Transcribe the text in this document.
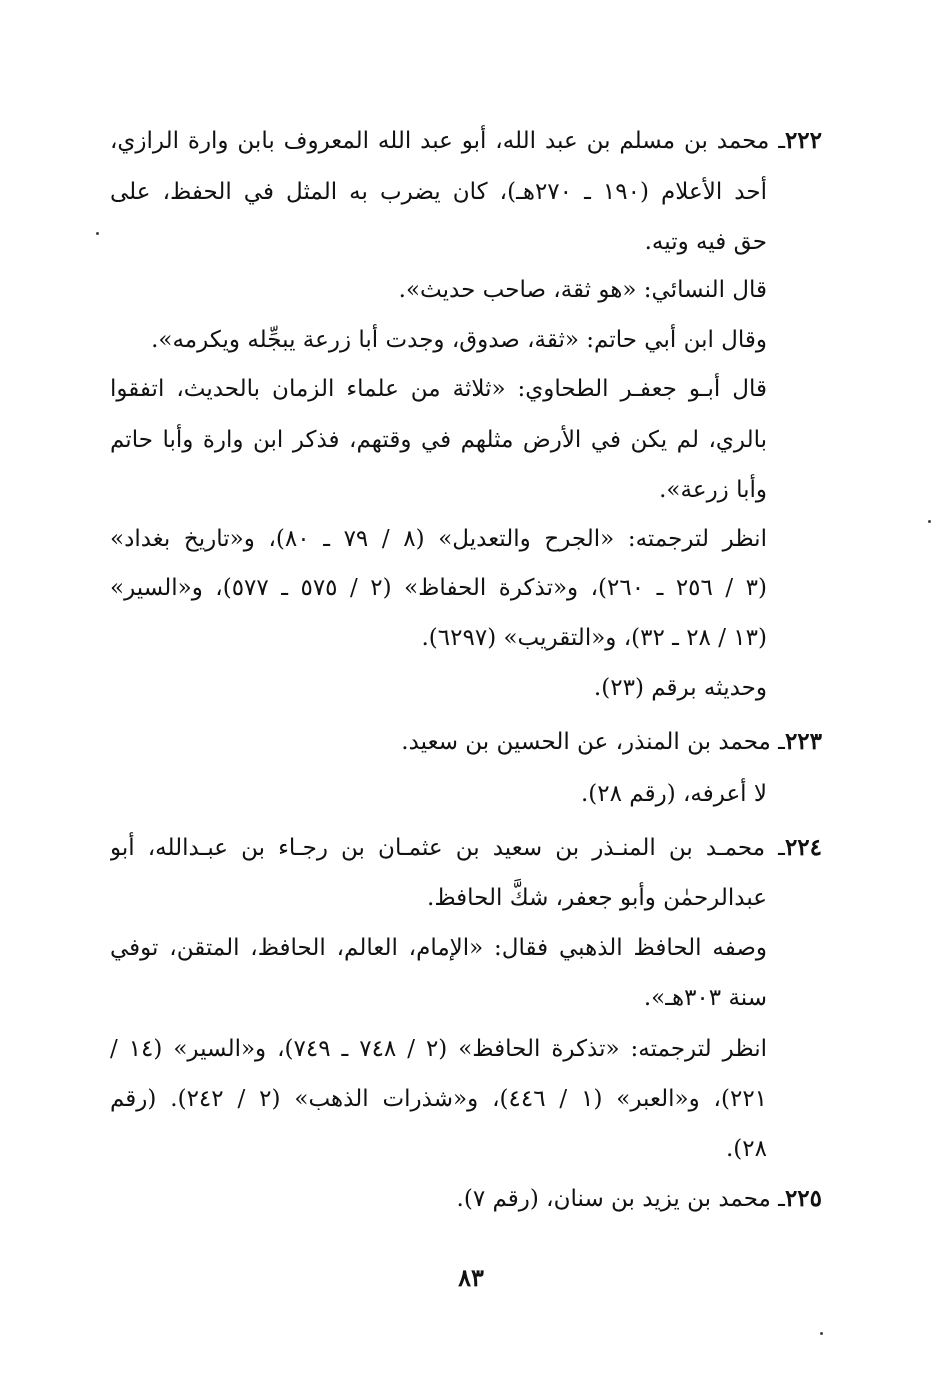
٢٢٢ـ محمد بن مسلم بن عبد الله، أبو عبد الله المعروف بابن وارة الرازي،
أحد الأعلام (١٩٠ ـ ٢٧٠هـ)، كان يضرب به المثل في الحفظ، على
حق فيه وتيه.
قال النسائي: «هو ثقة، صاحب حديث».
وقال ابن أبي حاتم: «ثقة، صدوق، وجدت أبا زرعة يبجِّله ويكرمه».
قال أبـو جعفـر الطحاوي: «ثلاثة من علماء الزمان بالحديث، اتفقوا
بالري، لم يكن في الأرض مثلهم في وقتهم، فذكر ابن وارة وأبا حاتم
وأبا زرعة».
انظر لترجمته: «الجرح والتعديل» (٨ / ٧٩ ـ ٨٠)، و«تاريخ بغداد»
(٣ / ٢٥٦ ـ ٢٦٠)، و«تذكرة الحفاظ» (٢ / ٥٧٥ ـ ٥٧٧)، و«السير»
(١٣ / ٢٨ ـ ٣٢)، و«التقريب» (٦٢٩٧).
وحديثه برقم (٢٣).
٢٢٣ـ محمد بن المنذر، عن الحسين بن سعيد.
لا أعرفه، (رقم ٢٨).
٢٢٤ـ محمـد بن المنـذر بن سعيد بن عثمـان بن رجـاء بن عبـدالله، أبو
عبدالرحمٰن وأبو جعفر، شكَّ الحافظ.
وصفه الحافظ الذهبي فقال: «الإمام، العالم، الحافظ، المتقن، توفي
سنة ٣٠٣هـ».
انظر لترجمته: «تذكرة الحافظ» (٢ / ٧٤٨ ـ ٧٤٩)، و«السير» (١٤ /
٢٢١)، و«العبر» (١ / ٤٤٦)، و«شذرات الذهب» (٢ / ٢٤٢). (رقم
٢٨).
٢٢٥ـ محمد بن يزيد بن سنان، (رقم ٧).
٨٣
